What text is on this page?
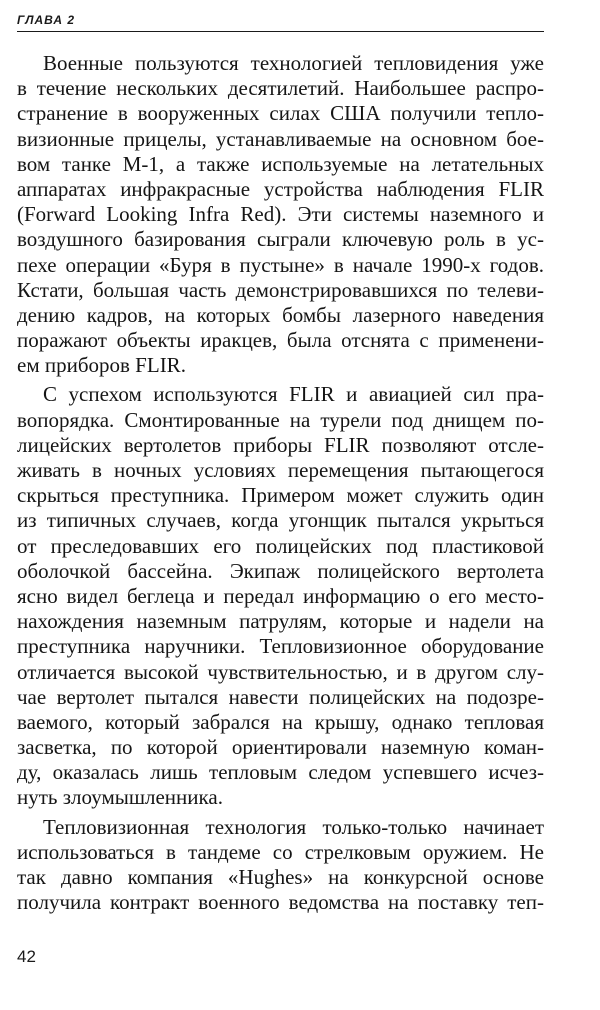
ГЛАВА 2
Военные пользуются технологией тепловидения уже
в течение нескольких десятилетий. Наибольшее распро-
странение в вооруженных силах США получили тепло-
визионные прицелы, устанавливаемые на основном бое-
вом танке М-1, а также используемые на летательных
аппаратах инфракрасные устройства наблюдения FLIR
(Forward Looking Infra Red). Эти системы наземного и
воздушного базирования сыграли ключевую роль в ус-
пехе операции «Буря в пустыне» в начале 1990-х годов.
Кстати, большая часть демонстрировавшихся по телеви-
дению кадров, на которых бомбы лазерного наведения
поражают объекты иракцев, была отснята с применени-
ем приборов FLIR.
С успехом используются FLIR и авиацией сил пра-
вопорядка. Смонтированные на турели под днищем по-
лицейских вертолетов приборы FLIR позволяют отсле-
живать в ночных условиях перемещения пытающегося
скрыться преступника. Примером может служить один
из типичных случаев, когда угонщик пытался укрыться
от преследовавших его полицейских под пластиковой
оболочкой бассейна. Экипаж полицейского вертолета
ясно видел беглеца и передал информацию о его место-
нахождения наземным патрулям, которые и надели на
преступника наручники. Тепловизионное оборудование
отличается высокой чувствительностью, и в другом слу-
чае вертолет пытался навести полицейских на подозре-
ваемого, который забрался на крышу, однако тепловая
засветка, по которой ориентировали наземную коман-
ду, оказалась лишь тепловым следом успевшего исчез-
нуть злоумышленника.
Тепловизионная технология только-только начинает
использоваться в тандеме со стрелковым оружием. Не
так давно компания «Hughes» на конкурсной основе
получила контракт военного ведомства на поставку теп-
42
